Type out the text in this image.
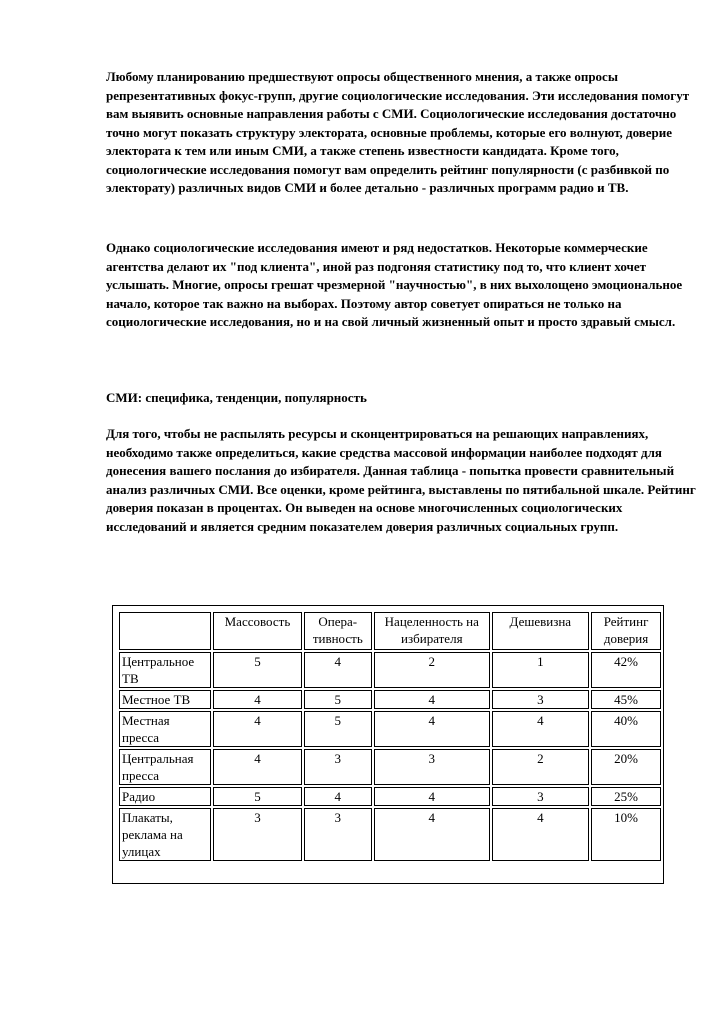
Любому планированию предшествуют опросы общественного мнения, а также опросы репрезентативных фокус-групп, другие социологические исследования. Эти исследования помогут вам выявить основные направления работы с СМИ. Социологические исследования достаточно точно могут показать структуру электората, основные проблемы, которые его волнуют, доверие электората к тем или иным СМИ, а также степень известности кандидата. Кроме того, социологические исследования помогут вам определить рейтинг популярности (с разбивкой по электорату) различных видов СМИ и более детально - различных программ радио и ТВ.

Однако социологические исследования имеют и ряд недостатков. Некоторые коммерческие агентства делают их "под клиента", иной раз подгоняя статистику под то, что клиент хочет услышать. Многие, опросы грешат чрезмерной "научностью", в них выхолощено эмоциональное начало, которое так важно на выборах. Поэтому автор советует опираться не только на социологические исследования, но и на свой личный жизненный опыт и просто здравый смысл.

СМИ: специфика, тенденции, популярность

Для того, чтобы не распылять ресурсы и сконцентрироваться на решающих направлениях, необходимо также определиться, какие средства массовой информации наиболее подходят для донесения вашего послания до избирателя. Данная таблица - попытка провести сравнительный анализ различных СМИ. Все оценки, кроме рейтинга, выставлены по пятибальной шкале. Рейтинг доверия показан в процентах. Он выведен на основе многочисленных социологических исследований и является средним показателем доверия различных социальных групп.

	Массовость	Опера-тивность	Нацеленность на избирателя	Дешевизна	Рейтинг доверия
Центральное ТВ	5	4	2	1	42%
Местное ТВ	4	5	4	3	45%
Местная пресса	4	5	4	4	40%
Центральная пресса	4	3	3	2	20%
Радио	5	4	4	3	25%
Плакаты, реклама на улицах	3	3	4	4	10%
